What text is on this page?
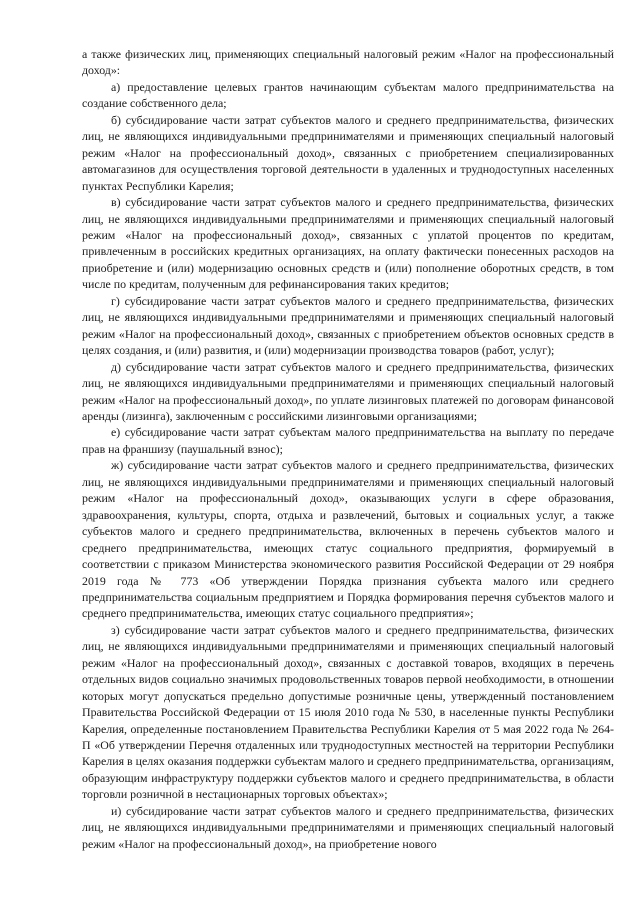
а также физических лиц, применяющих специальный налоговый режим «Налог на профессиональный доход»:

а) предоставление целевых грантов начинающим субъектам малого предпринимательства на создание собственного дела;

б) субсидирование части затрат субъектов малого и среднего предпринимательства, физических лиц, не являющихся индивидуальными предпринимателями и применяющих специальный налоговый режим «Налог на профессиональный доход», связанных с приобретением специализированных автомагазинов для осуществления торговой деятельности в удаленных и труднодоступных населенных пунктах Республики Карелия;

в) субсидирование части затрат субъектов малого и среднего предпринимательства, физических лиц, не являющихся индивидуальными предпринимателями и применяющих специальный налоговый режим «Налог на профессиональный доход», связанных с уплатой процентов по кредитам, привлеченным в российских кредитных организациях, на оплату фактически понесенных расходов на приобретение и (или) модернизацию основных средств и (или) пополнение оборотных средств, в том числе по кредитам, полученным для рефинансирования таких кредитов;

г) субсидирование части затрат субъектов малого и среднего предпринимательства, физических лиц, не являющихся индивидуальными предпринимателями и применяющих специальный налоговый режим «Налог на профессиональный доход», связанных с приобретением объектов основных средств в целях создания, и (или) развития, и (или) модернизации производства товаров (работ, услуг);

д) субсидирование части затрат субъектов малого и среднего предпринимательства, физических лиц, не являющихся индивидуальными предпринимателями и применяющих специальный налоговый режим «Налог на профессиональный доход», по уплате лизинговых платежей по договорам финансовой аренды (лизинга), заключенным с российскими лизинговыми организациями;

е) субсидирование части затрат субъектам малого предпринимательства на выплату по передаче прав на франшизу (паушальный взнос);

ж) субсидирование части затрат субъектов малого и среднего предпринимательства, физических лиц, не являющихся индивидуальными предпринимателями и применяющих специальный налоговый режим «Налог на профессиональный доход», оказывающих услуги в сфере образования, здравоохранения, культуры, спорта, отдыха и развлечений, бытовых и социальных услуг, а также субъектов малого и среднего предпринимательства, включенных в перечень субъектов малого и среднего предпринимательства, имеющих статус социального предприятия, формируемый в соответствии с приказом Министерства экономического развития Российской Федерации от 29 ноября 2019 года № 773 «Об утверждении Порядка признания субъекта малого или среднего предпринимательства социальным предприятием и Порядка формирования перечня субъектов малого и среднего предпринимательства, имеющих статус социального предприятия»;

з) субсидирование части затрат субъектов малого и среднего предпринимательства, физических лиц, не являющихся индивидуальными предпринимателями и применяющих специальный налоговый режим «Налог на профессиональный доход», связанных с доставкой товаров, входящих в перечень отдельных видов социально значимых продовольственных товаров первой необходимости, в отношении которых могут допускаться предельно допустимые розничные цены, утвержденный постановлением Правительства Российской Федерации от 15 июля 2010 года № 530, в населенные пункты Республики Карелия, определенные постановлением Правительства Республики Карелия от 5 мая 2022 года № 264-П «Об утверждении Перечня отдаленных или труднодоступных местностей на территории Республики Карелия в целях оказания поддержки субъектам малого и среднего предпринимательства, организациям, образующим инфраструктуру поддержки субъектов малого и среднего предпринимательства, в области торговли розничной в нестационарных торговых объектах»;

и) субсидирование части затрат субъектов малого и среднего предпринимательства, физических лиц, не являющихся индивидуальными предпринимателями и применяющих специальный налоговый режим «Налог на профессиональный доход», на приобретение нового
